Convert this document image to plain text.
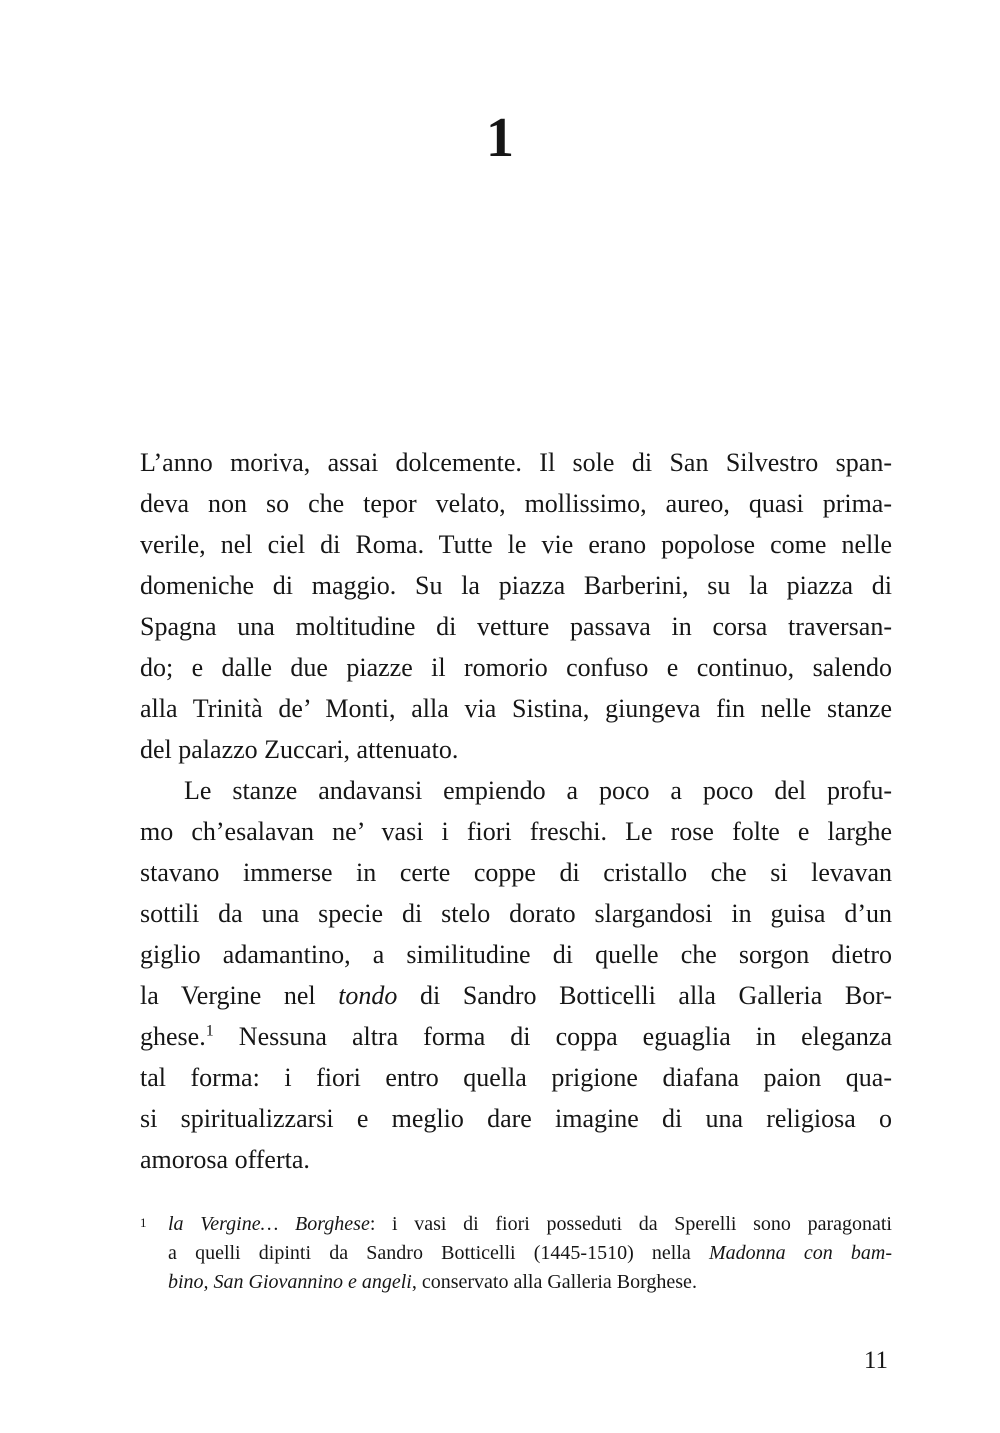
1
L’anno moriva, assai dolcemente. Il sole di San Silvestro span-
deva non so che tepor velato, mollissimo, aureo, quasi prima-
verile, nel ciel di Roma. Tutte le vie erano popolose come nelle
domeniche di maggio. Su la piazza Barberini, su la piazza di
Spagna una moltitudine di vetture passava in corsa traversan-
do; e dalle due piazze il romorio confuso e continuo, salendo
alla Trinità de’ Monti, alla via Sistina, giungeva fin nelle stanze
del palazzo Zuccari, attenuato.
Le stanze andavansi empiendo a poco a poco del profu-
mo ch’esalavan ne’ vasi i fiori freschi. Le rose folte e larghe
stavano immerse in certe coppe di cristallo che si levavan
sottili da una specie di stelo dorato slargandosi in guisa d’un
giglio adamantino, a similitudine di quelle che sorgon dietro
la Vergine nel tondo di Sandro Botticelli alla Galleria Bor-
ghese.$^1$ Nessuna altra forma di coppa eguaglia in eleganza
tal forma: i fiori entro quella prigione diafana paion qua-
si spiritualizzarsi e meglio dare imagine di una religiosa o
amorosa offerta.
1 la Vergine… Borghese: i vasi di fiori posseduti da Sperelli sono paragonati
a quelli dipinti da Sandro Botticelli (1445-1510) nella Madonna con bam-
bino, San Giovannino e angeli, conservato alla Galleria Borghese.
11
